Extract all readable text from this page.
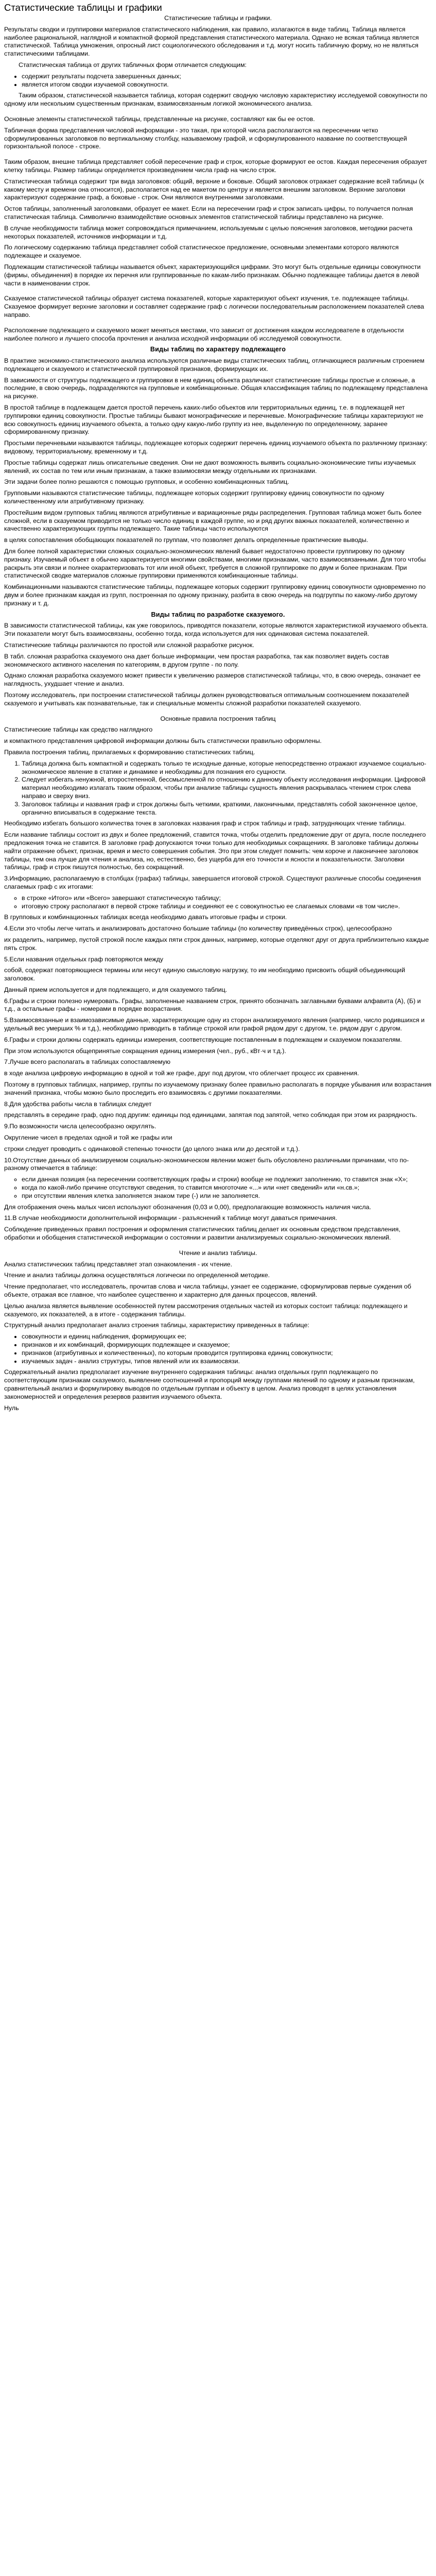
Статистические таблицы и графики

Статистические таблицы и графики.

Результаты сводки и группировки материалов статистического наблюдения, как правило, излагаются в виде таблиц. Таблица является наиболее рациональной, наглядной и компактной формой представления статистического материала. Однако не всякая таблица является статистической. Таблица умножения, опросный лист социологического обследования и т.д. могут носить табличную форму, но не являться статистическими таблицами.

Статистическая таблица от других табличных форм отличается следующим:

• содержит результаты подсчета завершенных данных;
• является итогом сводки изучаемой совокупности.

Таким образом, статистической называется таблица, которая содержит сводную числовую характеристику исследуемой совокупности по одному или нескольким существенным признакам, взаимосвязанным логикой экономического анализа.

Основные элементы статистической таблицы, представленные на рисунке, составляют как бы ее остов.

Табличная форма представления числовой информации - это такая, при которой числа располагаются на пересечении четко сформулированных заголовков по вертикальному столбцу, называемому графой, и сформулированного название по соответствующей горизонтальной полосе - строке.

Таким образом, внешне таблица представляет собой пересечение граф и строк, которые формируют ее остов. Каждая пересечения образует клетку таблицы. Размер таблицы определяется произведением числа граф на число строк.

Статистическая таблица содержит три вида заголовков: общий, верхние и боковые. Общий заголовок отражает содержание всей таблицы (к какому месту и времени она относится), располагается над ее макетом по центру и является внешним заголовком. Верхние заголовки характеризуют содержание граф, а боковые - строк. Они являются внутренними заголовками.

Остов таблицы, заполненный заголовками, образует ее макет. Если на пересечении граф и строк записать цифры, то получается полная статистическая таблица. Символично взаимодействие основных элементов статистической таблицы представлено на рисунке.

В случае необходимости таблица может сопровождаться примечанием, используемым с целью пояснения заголовков, методики расчета некоторых показателей, источников информации и т.д.

По логическому содержанию таблица представляет собой статистическое предложение, основными элементами которого являются подлежащее и сказуемое.

Подлежащим статистической таблицы называется объект, характеризующийся цифрами. Это могут быть отдельные единицы совокупности (фирмы, объединения) в порядке их перечня или группированные по какам-либо признакам. Обычно подлежащее таблицы дается в левой части в наименовании строк.

Сказуемое статистической таблицы образует система показателей, которые характеризуют объект изучения, т.е. подлежащее таблицы. Сказуемое формирует верхние заголовки и составляет содержание граф с логически последовательным расположением показателей слева направо.

Расположение подлежащего и сказуемого может меняться местами, что зависит от достижения каждом исследователе в отдельности наиболее полного и лучшего способа прочтения и анализа исходной информации об исследуемой совокупности.

Виды таблиц по характеру подлежащего

В практике экономико-статистического анализа используются различные виды статистических таблиц, отличающиеся различным строением подлежащего и сказуемого и статистической группировкой признаков, формирующих их.

В зависимости от структуры подлежащего и группировки в нем единиц объекта различают статистические таблицы простые и сложные, а последние, в свою очередь, подразделяются на групповые и комбинационные. Общая классификация таблиц по подлежащему представлена на рисунке.

В простой таблице в подлежащем дается простой перечень каких-либо объектов или территориальных единиц, т.е. в подлежащей нет группировки единиц совокупности. Простые таблицы бывают монографические и перечневые. Монографические таблицы характеризуют не всю совокупность единиц изучаемого объекта, а только одну какую-либо группу из нее, выделенную по определенному, заранее сформированному признаку.

Простыми перечневыми называются таблицы, подлежащее которых содержит перечень единиц изучаемого объекта по различному признаку: видовому, территориальному, временному и т.д.

Простые таблицы содержат лишь описательные сведения. Они не дают возможность выявить социально-экономические типы изучаемых явлений, их состав по тем или иным признакам, а также взаимосвязи между отдельными их признаками.

Эти задачи более полно решаются с помощью групповых, и особенно комбинационных таблиц.

Групповыми называются статистические таблицы, подлежащее которых содержит группировку единиц совокупности по одному количественному или атрибутивному признаку.

Простейшим видом групповых таблиц являются атрибутивные и вариационные ряды распределения. Групповая таблица может быть более сложной, если в сказуемом приводится не только число единиц в каждой группе, но и ряд других важных показателей, количественно и качественно характеризующих группы подлежащего. Такие таблицы часто используются

в целях сопоставления обобщающих показателей по группам, что позволяет делать определенные практические выводы.

Для более полной характеристики сложных социально-экономических явлений бывает недостаточно провести группировку по одному признаку. Изучаемый объект в обычно характеризуется многими свойствами, многими признаками, часто взаимосвязанными. Для того чтобы раскрыть эти связи и полнее охарактеризовать тот или иной объект, требуется в сложной группировке по двум и более признакам. При статистической сводке материалов сложные группировки применяются комбинационные таблицы.

Комбинационными называются статистические таблицы, подлежащее которых содержит группировку единиц совокупности одновременно по двум и более признакам каждая из групп, построенная по одному признаку, разбита в свою очередь на подгруппы по какому-либо другому признаку и т. д.

Виды таблиц по разработке сказуемого.

В зависимости статистической таблицы, как уже говорилось, приводятся показатели, которые являются характеристикой изучаемого объекта. Эти показатели могут быть взаимосвязаны, особенно тогда, когда используется для них одинаковая система показателей.

Статистические таблицы различаются по простой или сложной разработке рисунок.

В табл. сложная разработка сказуемого она дает больше информации, чем простая разработка, так как позволяет видеть состав экономического активного населения по категориям, в другом группе - по полу.

Однако сложная разработка сказуемого может привести к увеличению размеров статистической таблицы, что, в свою очередь, означает ее наглядность, ухудшает чтение и анализ.

Поэтому исследователь, при построении статистической таблицы должен руководствоваться оптимальным соотношением показателей сказуемого и учитывать как познавательные, так и специальные моменты сложной разработки показателей сказуемого.

Основные правила построения таблиц

Статистические таблицы как средство наглядного

и компактного представления цифровой информации должны быть статистически правильно оформлены.

Правила построения таблиц, прилагаемых к формированию статистических таблиц.

1. Таблица должна быть компактной и содержать только те исходные данные, которые непосредственно отражают изучаемое социально-экономическое явление в статике и динамике и необходимы для познания его сущности.
2. Следует избегать ненужной, второстепенной, бессмысленной по отношению к данному объекту исследования информации. Цифровой материал необходимо излагать таким образом, чтобы при анализе таблицы сущность явления раскрывалась чтением строк слева направо и сверху вниз.
3. Заголовок таблицы и названия граф и строк должны быть четкими, краткими, лаконичными, представлять собой законченное целое, органично вписываться в содержание текста.

Необходимо избегать большого количества точек в заголовках названия граф и строк таблицы и граф, затрудняющих чтение таблицы.

Если название таблицы состоит из двух и более предложений, ставится точка, чтобы отделить предложение друг от друга, после последнего предложения точка не ставится. В заголовке граф допускаются точки только для необходимых сокращениях. В заголовке таблицы должны найти отражение объект, признак, время и место совершения события. Это при этом следует помнить: чем короче и лаконичнее заголовок таблицы, тем она лучше для чтения и анализа, но, естественно, без ущерба для его точности и ясности и показательности. Заголовки таблицы, граф и строк пишутся полностью, без сокращений.

3.Информацию, располагаемую в столбцах (графах) таблицы, завершается итоговой строкой. Существуют различные способы соединения слагаемых граф с их итогами:

◦ в строке «Итого» или «Всего» завершают статистическую таблицу;
◦ итоговую строку располагают в первой строке таблицы и соединяют ее с совокупностью ее слагаемых словами «в том числе».

В групповых и комбинационных таблицах всегда необходимо давать итоговые графы и строки.

4.Если это чтобы легче читать и анализировать достаточно большие таблицы (по количеству приведённых строк), целесообразно

их разделить, например, пустой строкой после каждых пяти строк данных, например, которые отделяют друг от друга приблизительно каждые пять строк.

5.Если названия отдельных граф повторяются между

собой, содержат повторяющиеся термины или несут единую смысловую нагрузку, то им необходимо присвоить общий объединяющий заголовок.

Данный прием используется и для подлежащего, и для сказуемого таблиц.

6.Графы и строки полезно нумеровать. Графы, заполненные названием строк, принято обозначать заглавными буквами алфавита (А), (Б) и т.д., а остальные графы - номерами в порядке возрастания.

5.Взаимосвязанные и взаимозависимые данные, характеризующие одну из сторон анализируемого явления (например, число родившихся и удельный вес умерших % и т.д.), необходимо приводить в таблице строкой или графой рядом друг с другом, т.е. рядом друг с другом.

6.Графы и строки должны содержать единицы измерения, соответствующие поставленным в подлежащем и сказуемом показателям.

При этом используются общепринятые сокращения единиц измерения (чел., руб., кВт·ч и т.д.).

7.Лучше всего располагать в таблицах сопоставляемую

в ходе анализа цифровую информацию в одной и той же графе, друг под другом, что облегчает процесс их сравнения.

Поэтому в групповых таблицах, например, группы по изучаемому признаку более правильно располагать в порядке убывания или возрастания значений признака, чтобы можно было проследить его взаимосвязь с другими показателями.

8.Для удобства работы числа в таблицах следует

представлять в середине граф, одно под другим: единицы под единицами, запятая под запятой, четко соблюдая при этом их разрядность.

9.По возможности числа целесообразно округлять.

Округление чисел в пределах одной и той же графы или

строки следует проводить с одинаковой степенью точности (до целого знака или до десятой и т.д.).

10.Отсутствие данных об анализируемом социально-экономическом явлении может быть обусловлено различными причинами, что по-разному отмечается в таблице:

◦ если данная позиция (на пересечении соответствующих графы и строки) вообще не подлежит заполнению, то ставится знак «Х»;
◦ когда по какой-либо причине отсутствуют сведения, то ставится многоточие «...» или «нет сведений» или «н.св.»;
◦ при отсутствии явления клетка заполняется знаком тире (-) или не заполняется.

Для отображения очень малых чисел используют обозначения (0,03 и 0,00), предполагающие возможность наличия числа.

11.В случае необходимости дополнительной информации - разъяснений к таблице могут даваться примечания.

Соблюдение приведенных правил построения и оформления статистических таблиц делает их основным средством представления, обработки и обобщения статистической информации о состоянии и развитии анализируемых социально-экономических явлений.

Чтение и анализ таблицы.

Анализ статистических таблиц представляет этап ознакомления - их чтение.

Чтение и анализ таблицы должна осуществляться логически по определенной методике.

Чтение предполагает, что исследователь, прочитав слова и числа таблицы, узнает ее содержание, сформулировав первые суждения об объекте, отражая все главное, что наиболее существенно и характерно для данных процессов, явлений.

Целью анализа является выявление особенностей путем рассмотрения отдельных частей из которых состоит таблица: подлежащего и сказуемого, их показателей, а в итоге - содержания таблицы.

Структурный анализ предполагает анализ строения таблицы, характеристику приведенных в таблице:

• совокупности и единиц наблюдения, формирующих ее;
• признаков и их комбинаций, формирующих подлежащее и сказуемое;
• признаков (атрибутивных и количественных), по которым проводится группировка единиц совокупности;
• изучаемых задач - анализ структуры, типов явлений или их взаимосвязи.

Содержательный анализ предполагает изучение внутреннего содержания таблицы: анализ отдельных групп подлежащего по соответствующим признакам сказуемого, выявление соотношений и пропорций между группами явлений по одному и разным признакам, сравнительный анализ и формулировку выводов по отдельным группам и объекту в целом. Анализ проводят в целях установления закономерностей и определения резервов развития изучаемого объекта.

Нуль
